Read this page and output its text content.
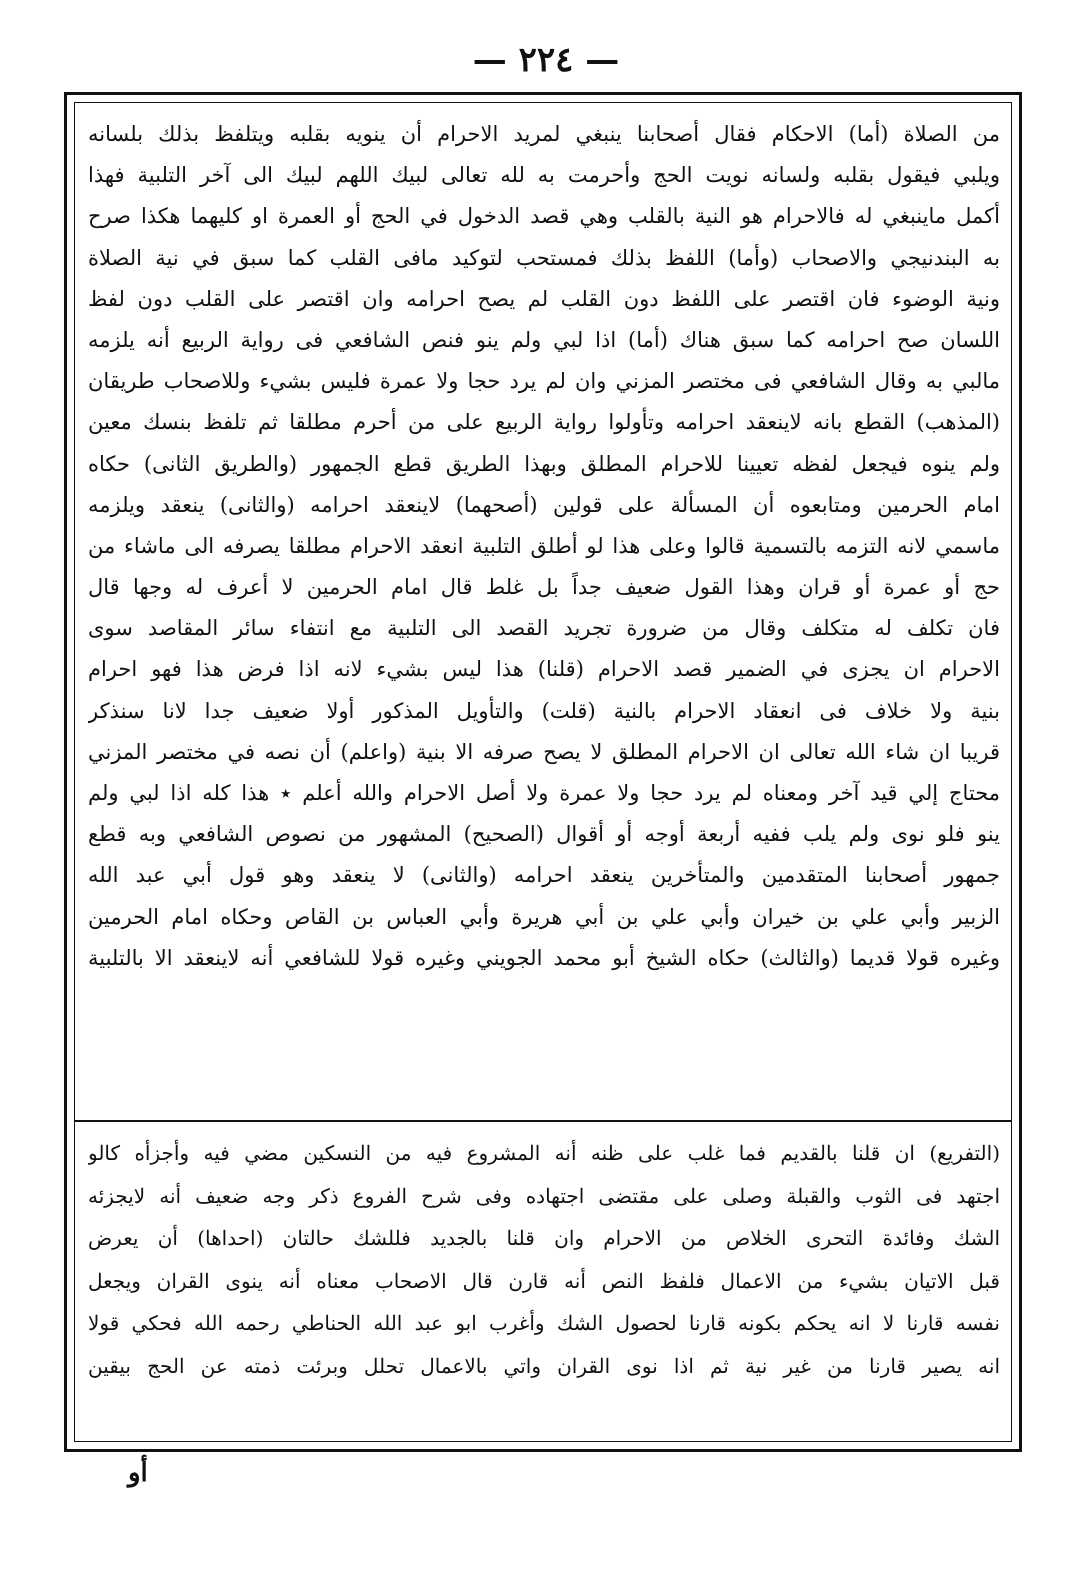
— ٢٢٤ —
من الصلاة (أما) الاحكام فقال أصحابنا ينبغي لمريد الاحرام أن ينويه بقلبه ويتلفظ بذلك بلسانه
ويلبي فيقول بقلبه ولسانه نويت الحج وأحرمت به لله تعالى لبيك اللهم لبيك الى آخر التلبية فهذا
أكمل ماينبغي له فالاحرام هو النية بالقلب وهي قصد الدخول في الحج أو العمرة او كليهما هكذا صرح
به البندنيجي والاصحاب (وأما) اللفظ بذلك فمستحب لتوكيد مافى القلب كما سبق في نية الصلاة
ونية الوضوء فان اقتصر على اللفظ دون القلب لم يصح احرامه وان اقتصر على القلب دون لفظ
اللسان صح احرامه كما سبق هناك (أما) اذا لبي ولم ينو فنص الشافعي فى رواية الربيع أنه يلزمه
مالبي به وقال الشافعي فى مختصر المزني وان لم يرد حجا ولا عمرة فليس بشيء وللاصحاب طريقان
(المذهب) القطع بانه لاينعقد احرامه وتأولوا رواية الربيع على من أحرم مطلقا ثم تلفظ بنسك معين
ولم ينوه فيجعل لفظه تعيينا للاحرام المطلق وبهذا الطريق قطع الجمهور (والطريق الثانى) حكاه
امام الحرمين ومتابعوه أن المسألة على قولين (أصحهما) لاينعقد احرامه (والثانى) ينعقد ويلزمه
ماسمي لانه التزمه بالتسمية قالوا وعلى هذا لو أطلق التلبية انعقد الاحرام مطلقا يصرفه الى ماشاء من
حج أو عمرة أو قران وهذا القول ضعيف جداً بل غلط قال امام الحرمين لا أعرف له وجها قال
فان تكلف له متكلف وقال من ضرورة تجريد القصد الى التلبية مع انتفاء سائر المقاصد سوى
الاحرام ان يجزى في الضمير قصد الاحرام (قلنا) هذا ليس بشيء لانه اذا فرض هذا فهو احرام
بنية ولا خلاف فى انعقاد الاحرام بالنية (قلت) والتأويل المذكور أولا ضعيف جدا لانا سنذكر
قريبا ان شاء الله تعالى ان الاحرام المطلق لا يصح صرفه الا بنية (واعلم) أن نصه في مختصر المزني
محتاج إلي قيد آخر ومعناه لم يرد حجا ولا عمرة ولا أصل الاحرام والله أعلم ٭ هذا كله اذا لبي ولم
ينو فلو نوى ولم يلب ففيه أربعة أوجه أو أقوال (الصحيح) المشهور من نصوص الشافعي وبه قطع
جمهور أصحابنا المتقدمين والمتأخرين ينعقد احرامه (والثانى) لا ينعقد وهو قول أبي عبد الله
الزبير وأبي علي بن خيران وأبي علي بن أبي هريرة وأبي العباس بن القاص وحكاه امام الحرمين
وغيره قولا قديما (والثالث) حكاه الشيخ أبو محمد الجويني وغيره قولا للشافعي أنه لاينعقد الا بالتلبية
(التفريع) ان قلنا بالقديم فما غلب على ظنه أنه المشروع فيه من النسكين مضي فيه وأجزأه كالو
اجتهد فى الثوب والقبلة وصلى على مقتضى اجتهاده وفى شرح الفروع ذكر وجه ضعيف أنه لايجزئه
الشك وفائدة التحرى الخلاص من الاحرام وان قلنا بالجديد فللشك حالتان (احداها) أن يعرض
قبل الاتيان بشيء من الاعمال فلفظ النص أنه قارن قال الاصحاب معناه أنه ينوى القران ويجعل
نفسه قارنا لا انه يحكم بكونه قارنا لحصول الشك وأغرب ابو عبد الله الحناطي رحمه الله فحكي قولا
انه يصير قارنا من غير نية ثم اذا نوى القران واتي بالاعمال تحلل وبرئت ذمته عن الحج بيقين
أو
